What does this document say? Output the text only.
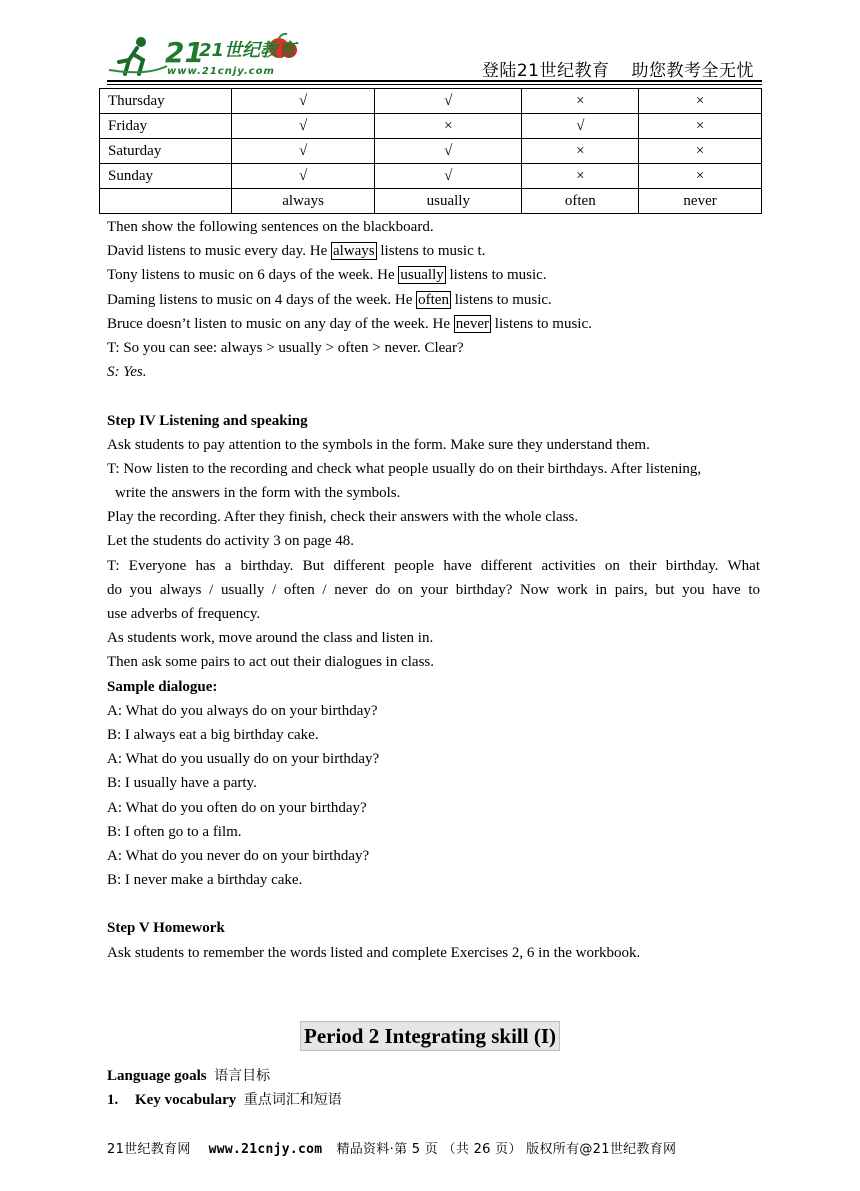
21
21世纪教育
www.21cnjy.com	登陆21世纪教育 助您教考全无忧
Thursday	√	√	×	×
Friday	√	×	√	×
Saturday	√	√	×	×
Sunday	√	√	×	×
	always	usually	often	never
Then show the following sentences on the blackboard.
David listens to music every day. He always listens to music t.
Tony listens to music on 6 days of the week. He usually listens to music.
Daming listens to music on 4 days of the week. He often listens to music.
Bruce doesn’t listen to music on any day of the week. He never listens to music.
T: So you can see: always > usually > often > never. Clear?
S: Yes.
Step IV Listening and speaking
Ask students to pay attention to the symbols in the form. Make sure they understand them.
T: Now listen to the recording and check what people usually do on their birthdays. After listening,
write the answers in the form with the symbols.
Play the recording. After they finish, check their answers with the whole class.
Let the students do activity 3 on page 48.
T: Everyone has a birthday. But different people have different activities on their birthday. What
do you always / usually / often / never do on your birthday? Now work in pairs, but you have to
use adverbs of frequency.
As students work, move around the class and listen in.
Then ask some pairs to act out their dialogues in class.
Sample dialogue:
A: What do you always do on your birthday?
B: I always eat a big birthday cake.
A: What do you usually do on your birthday?
B: I usually have a party.
A: What do you often do on your birthday?
B: I often go to a film.
A: What do you never do on your birthday?
B: I never make a birthday cake.
Step V Homework
Ask students to remember the words listed and complete Exercises 2, 6 in the workbook.
Period 2 Integrating skill (I)
Language goals 语言目标
1. Key vocabulary 重点词汇和短语
21世纪教育网 www.21cnjy.com 精品资料·第 5 页 （共 26 页） 版权所有@21世纪教育网
